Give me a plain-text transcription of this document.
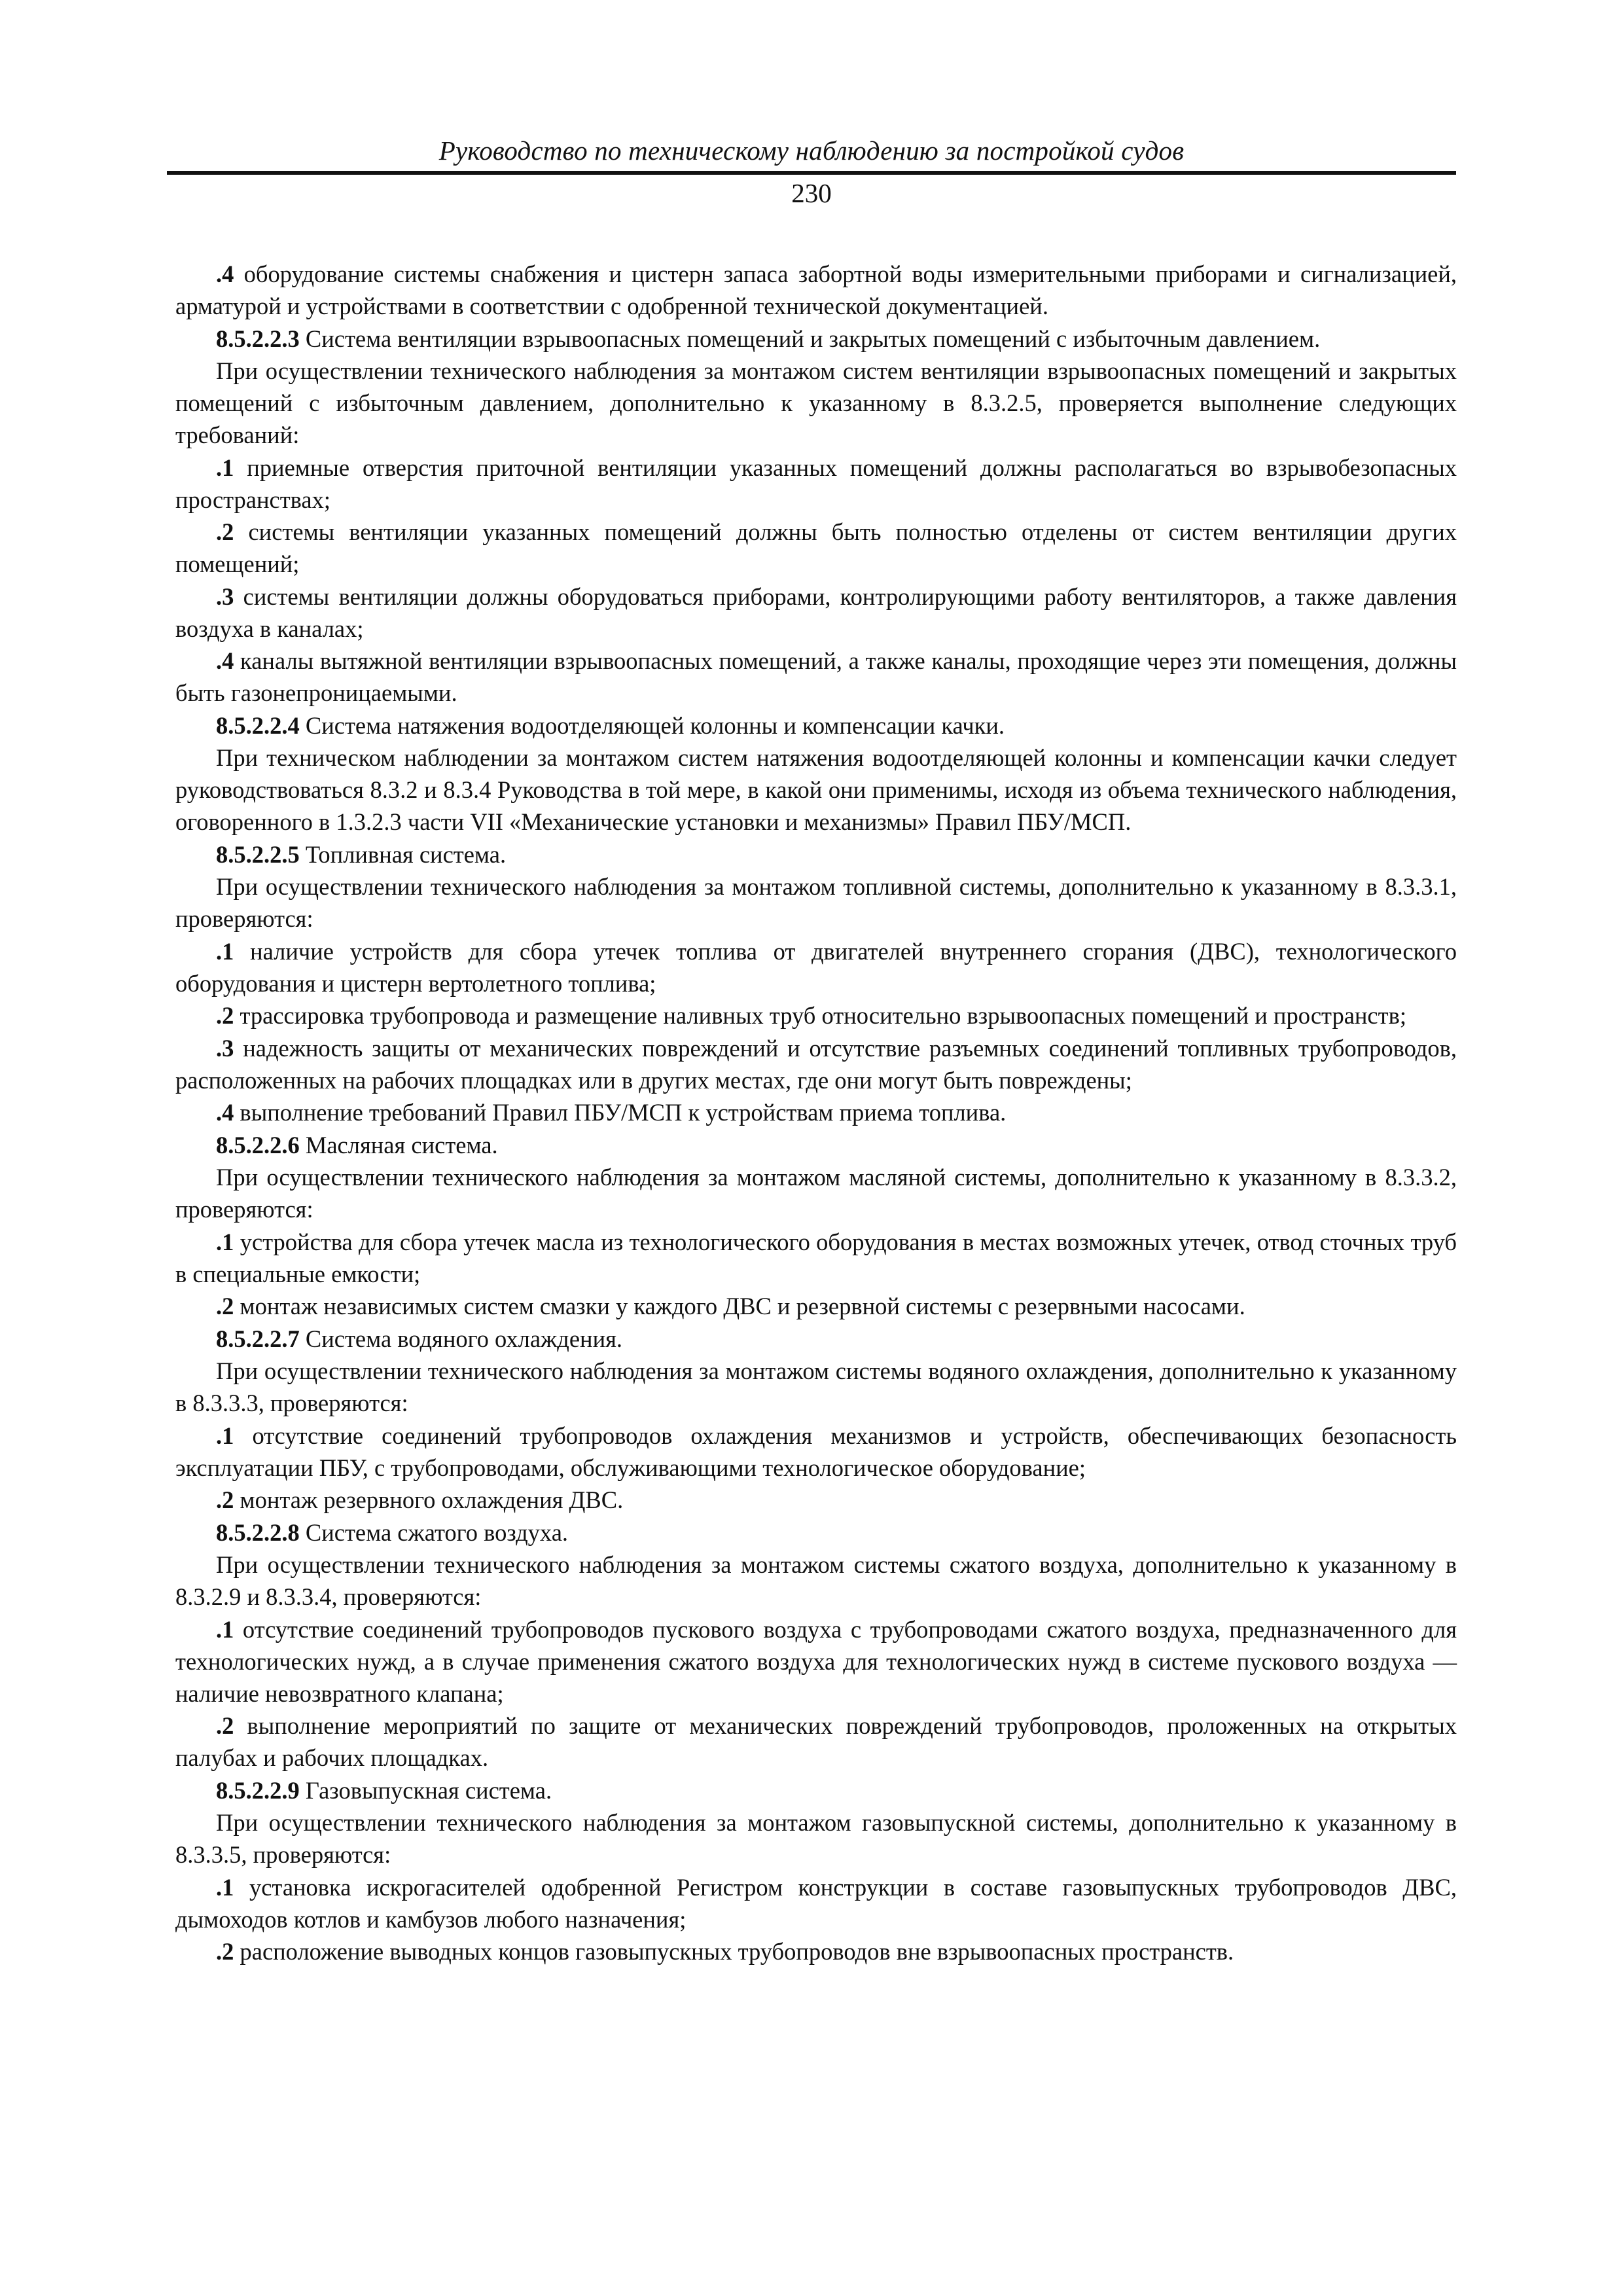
Руководство по техническому наблюдению за постройкой судов
230

.4 оборудование системы снабжения и цистерн запаса забортной воды измерительными приборами и сигнализацией, арматурой и устройствами в соответствии с одобренной технической документацией.

8.5.2.2.3 Система вентиляции взрывоопасных помещений и закрытых помещений с избыточным давлением.

При осуществлении технического наблюдения за монтажом систем вентиляции взрывоопасных помещений и закрытых помещений с избыточным давлением, дополнительно к указанному в 8.3.2.5, проверяется выполнение следующих требований:

.1 приемные отверстия приточной вентиляции указанных помещений должны располагаться во взрывобезопасных пространствах;

.2 системы вентиляции указанных помещений должны быть полностью отделены от систем вентиляции других помещений;

.3 системы вентиляции должны оборудоваться приборами, контролирующими работу вентиляторов, а также давления воздуха в каналах;

.4 каналы вытяжной вентиляции взрывоопасных помещений, а также каналы, проходящие через эти помещения, должны быть газонепроницаемыми.

8.5.2.2.4 Система натяжения водоотделяющей колонны и компенсации качки.

При техническом наблюдении за монтажом систем натяжения водоотделяющей колонны и компенсации качки следует руководствоваться 8.3.2 и 8.3.4 Руководства в той мере, в какой они применимы, исходя из объема технического наблюдения, оговоренного в 1.3.2.3 части VII «Механические установки и механизмы» Правил ПБУ/МСП.

8.5.2.2.5 Топливная система.

При осуществлении технического наблюдения за монтажом топливной системы, дополнительно к указанному в 8.3.3.1, проверяются:

.1 наличие устройств для сбора утечек топлива от двигателей внутреннего сгорания (ДВС), технологического оборудования и цистерн вертолетного топлива;

.2 трассировка трубопровода и размещение наливных труб относительно взрывоопасных помещений и пространств;

.3 надежность защиты от механических повреждений и отсутствие разъемных соединений топливных трубопроводов, расположенных на рабочих площадках или в других местах, где они могут быть повреждены;

.4 выполнение требований Правил ПБУ/МСП к устройствам приема топлива.

8.5.2.2.6 Масляная система.

При осуществлении технического наблюдения за монтажом масляной системы, дополнительно к указанному в 8.3.3.2, проверяются:

.1 устройства для сбора утечек масла из технологического оборудования в местах возможных утечек, отвод сточных труб в специальные емкости;

.2 монтаж независимых систем смазки у каждого ДВС и резервной системы с резервными насосами.

8.5.2.2.7 Система водяного охлаждения.

При осуществлении технического наблюдения за монтажом системы водяного охлаждения, дополнительно к указанному в 8.3.3.3, проверяются:

.1 отсутствие соединений трубопроводов охлаждения механизмов и устройств, обеспечивающих безопасность эксплуатации ПБУ, с трубопроводами, обслуживающими технологическое оборудование;

.2 монтаж резервного охлаждения ДВС.

8.5.2.2.8 Система сжатого воздуха.

При осуществлении технического наблюдения за монтажом системы сжатого воздуха, дополнительно к указанному в 8.3.2.9 и 8.3.3.4, проверяются:

.1 отсутствие соединений трубопроводов пускового воздуха с трубопроводами сжатого воздуха, предназначенного для технологических нужд, а в случае применения сжатого воздуха для технологических нужд в системе пускового воздуха — наличие невозвратного клапана;

.2 выполнение мероприятий по защите от механических повреждений трубопроводов, проложенных на открытых палубах и рабочих площадках.

8.5.2.2.9 Газовыпускная система.

При осуществлении технического наблюдения за монтажом газовыпускной системы, дополнительно к указанному в 8.3.3.5, проверяются:

.1 установка искрогасителей одобренной Регистром конструкции в составе газовыпускных трубопроводов ДВС, дымоходов котлов и камбузов любого назначения;

.2 расположение выводных концов газовыпускных трубопроводов вне взрывоопасных пространств.
